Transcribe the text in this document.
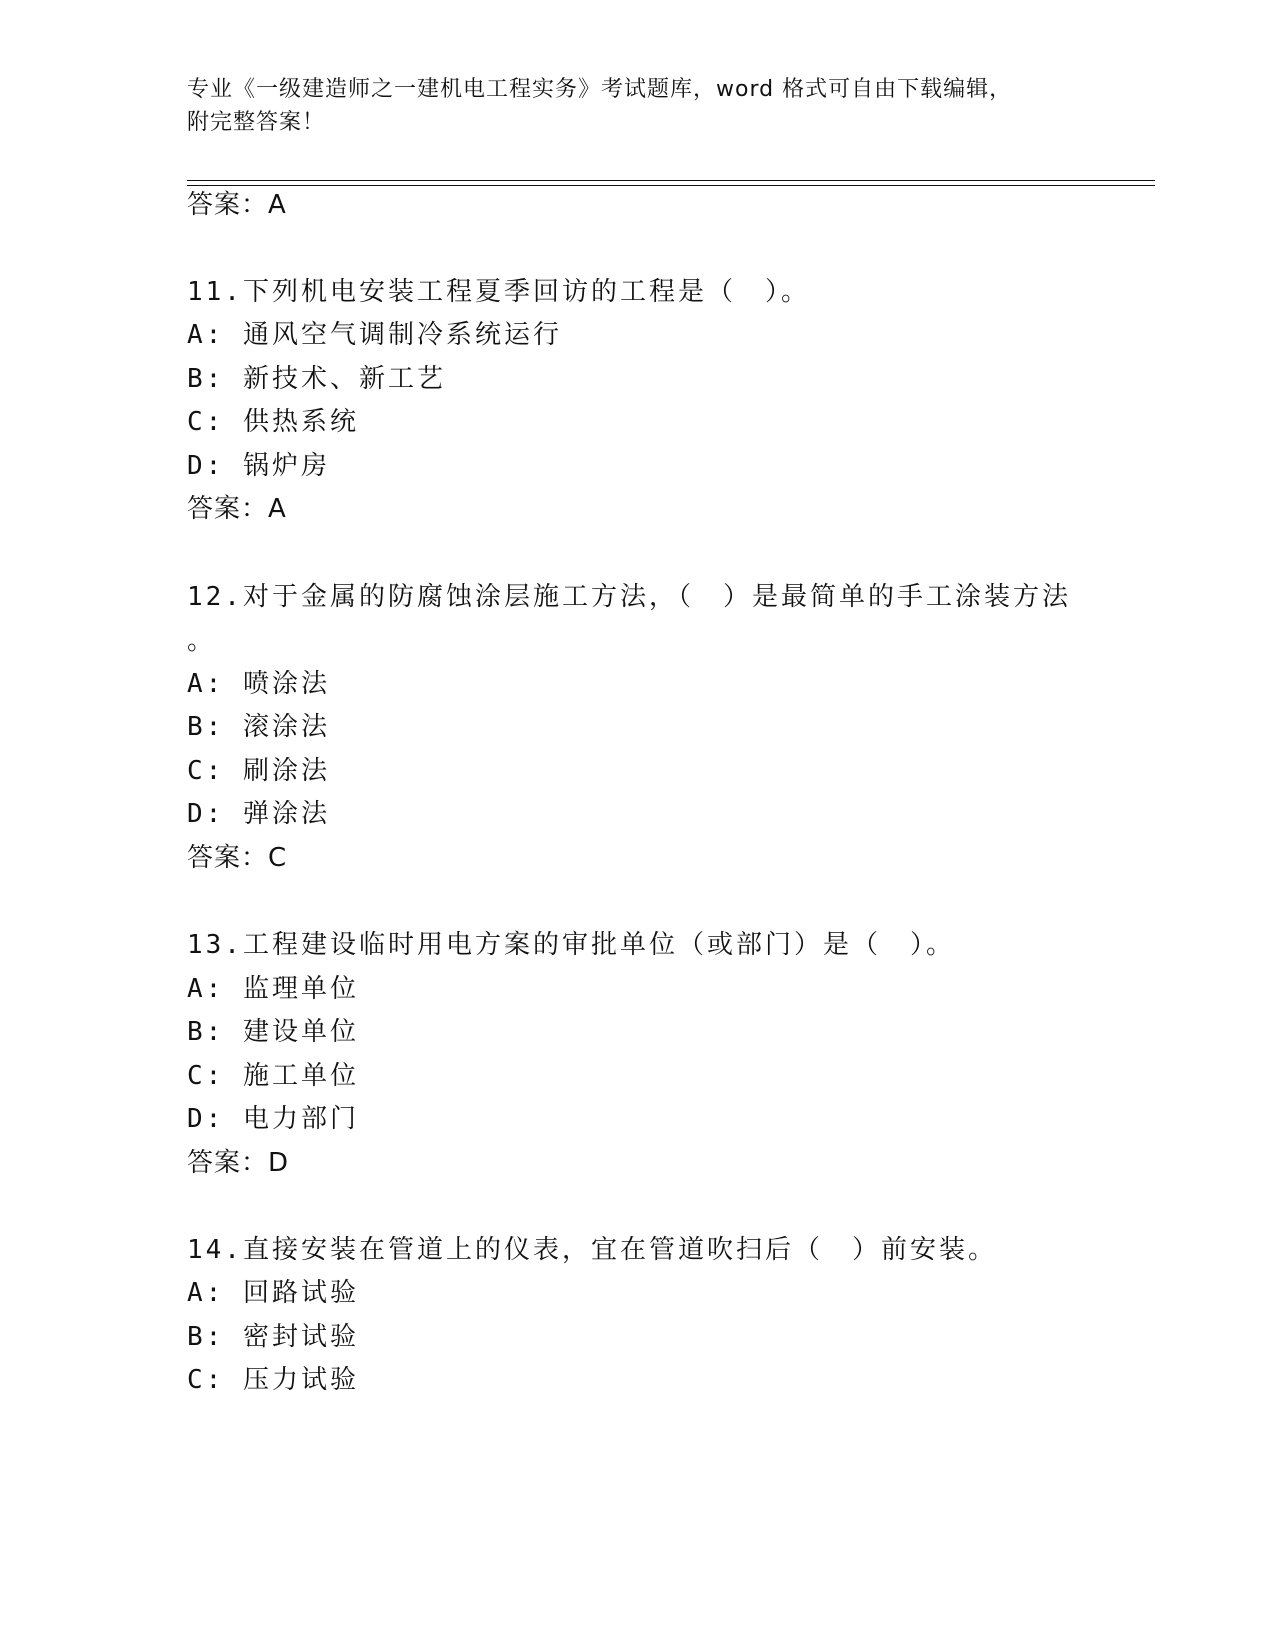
专业《一级建造师之一建机电工程实务》考试题库，word 格式可自由下载编辑，
附完整答案！
答案：A
11.下列机电安装工程夏季回访的工程是（　）。
A: 通风空气调制冷系统运行
B: 新技术、新工艺
C: 供热系统
D: 锅炉房
答案：A
12.对于金属的防腐蚀涂层施工方法，（　）是最简单的手工涂装方法
。
A: 喷涂法
B: 滚涂法
C: 刷涂法
D: 弹涂法
答案：C
13.工程建设临时用电方案的审批单位（或部门）是（　）。
A: 监理单位
B: 建设单位
C: 施工单位
D: 电力部门
答案：D
14.直接安装在管道上的仪表，宜在管道吹扫后（　）前安装。
A: 回路试验
B: 密封试验
C: 压力试验
